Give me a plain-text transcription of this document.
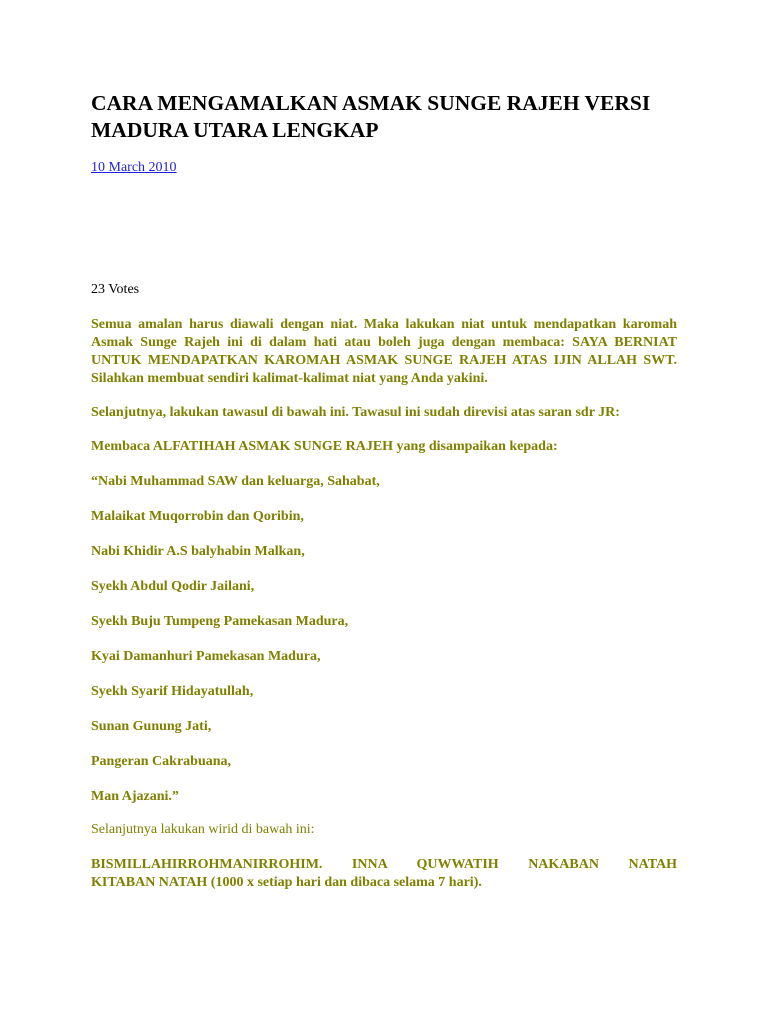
CARA MENGAMALKAN ASMAK SUNGE RAJEH VERSI MADURA UTARA LENGKAP
10 March 2010
23 Votes

Semua amalan harus diawali dengan niat. Maka lakukan niat untuk mendapatkan karomah Asmak Sunge Rajeh ini di dalam hati atau boleh juga dengan membaca: SAYA BERNIAT UNTUK MENDAPATKAN KAROMAH ASMAK SUNGE RAJEH ATAS IJIN ALLAH SWT. Silahkan membuat sendiri kalimat-kalimat niat yang Anda yakini.

Selanjutnya, lakukan tawasul di bawah ini. Tawasul ini sudah direvisi atas saran sdr JR:

Membaca ALFATIHAH ASMAK SUNGE RAJEH yang disampaikan kepada:

“Nabi Muhammad SAW dan keluarga, Sahabat,

Malaikat Muqorrobin dan Qoribin,

Nabi Khidir A.S balyhabin Malkan,

Syekh Abdul Qodir Jailani,

Syekh Buju Tumpeng Pamekasan Madura,

Kyai Damanhuri Pamekasan Madura,

Syekh Syarif Hidayatullah,

Sunan Gunung Jati,

Pangeran Cakrabuana,

Man Ajazani.”

Selanjutnya lakukan wirid di bawah ini:

BISMILLAHIRROHMANIRROHIM. INNA QUWWATIH NAKABAN NATAH

KITABAN NATAH (1000 x setiap hari dan dibaca selama 7 hari).
